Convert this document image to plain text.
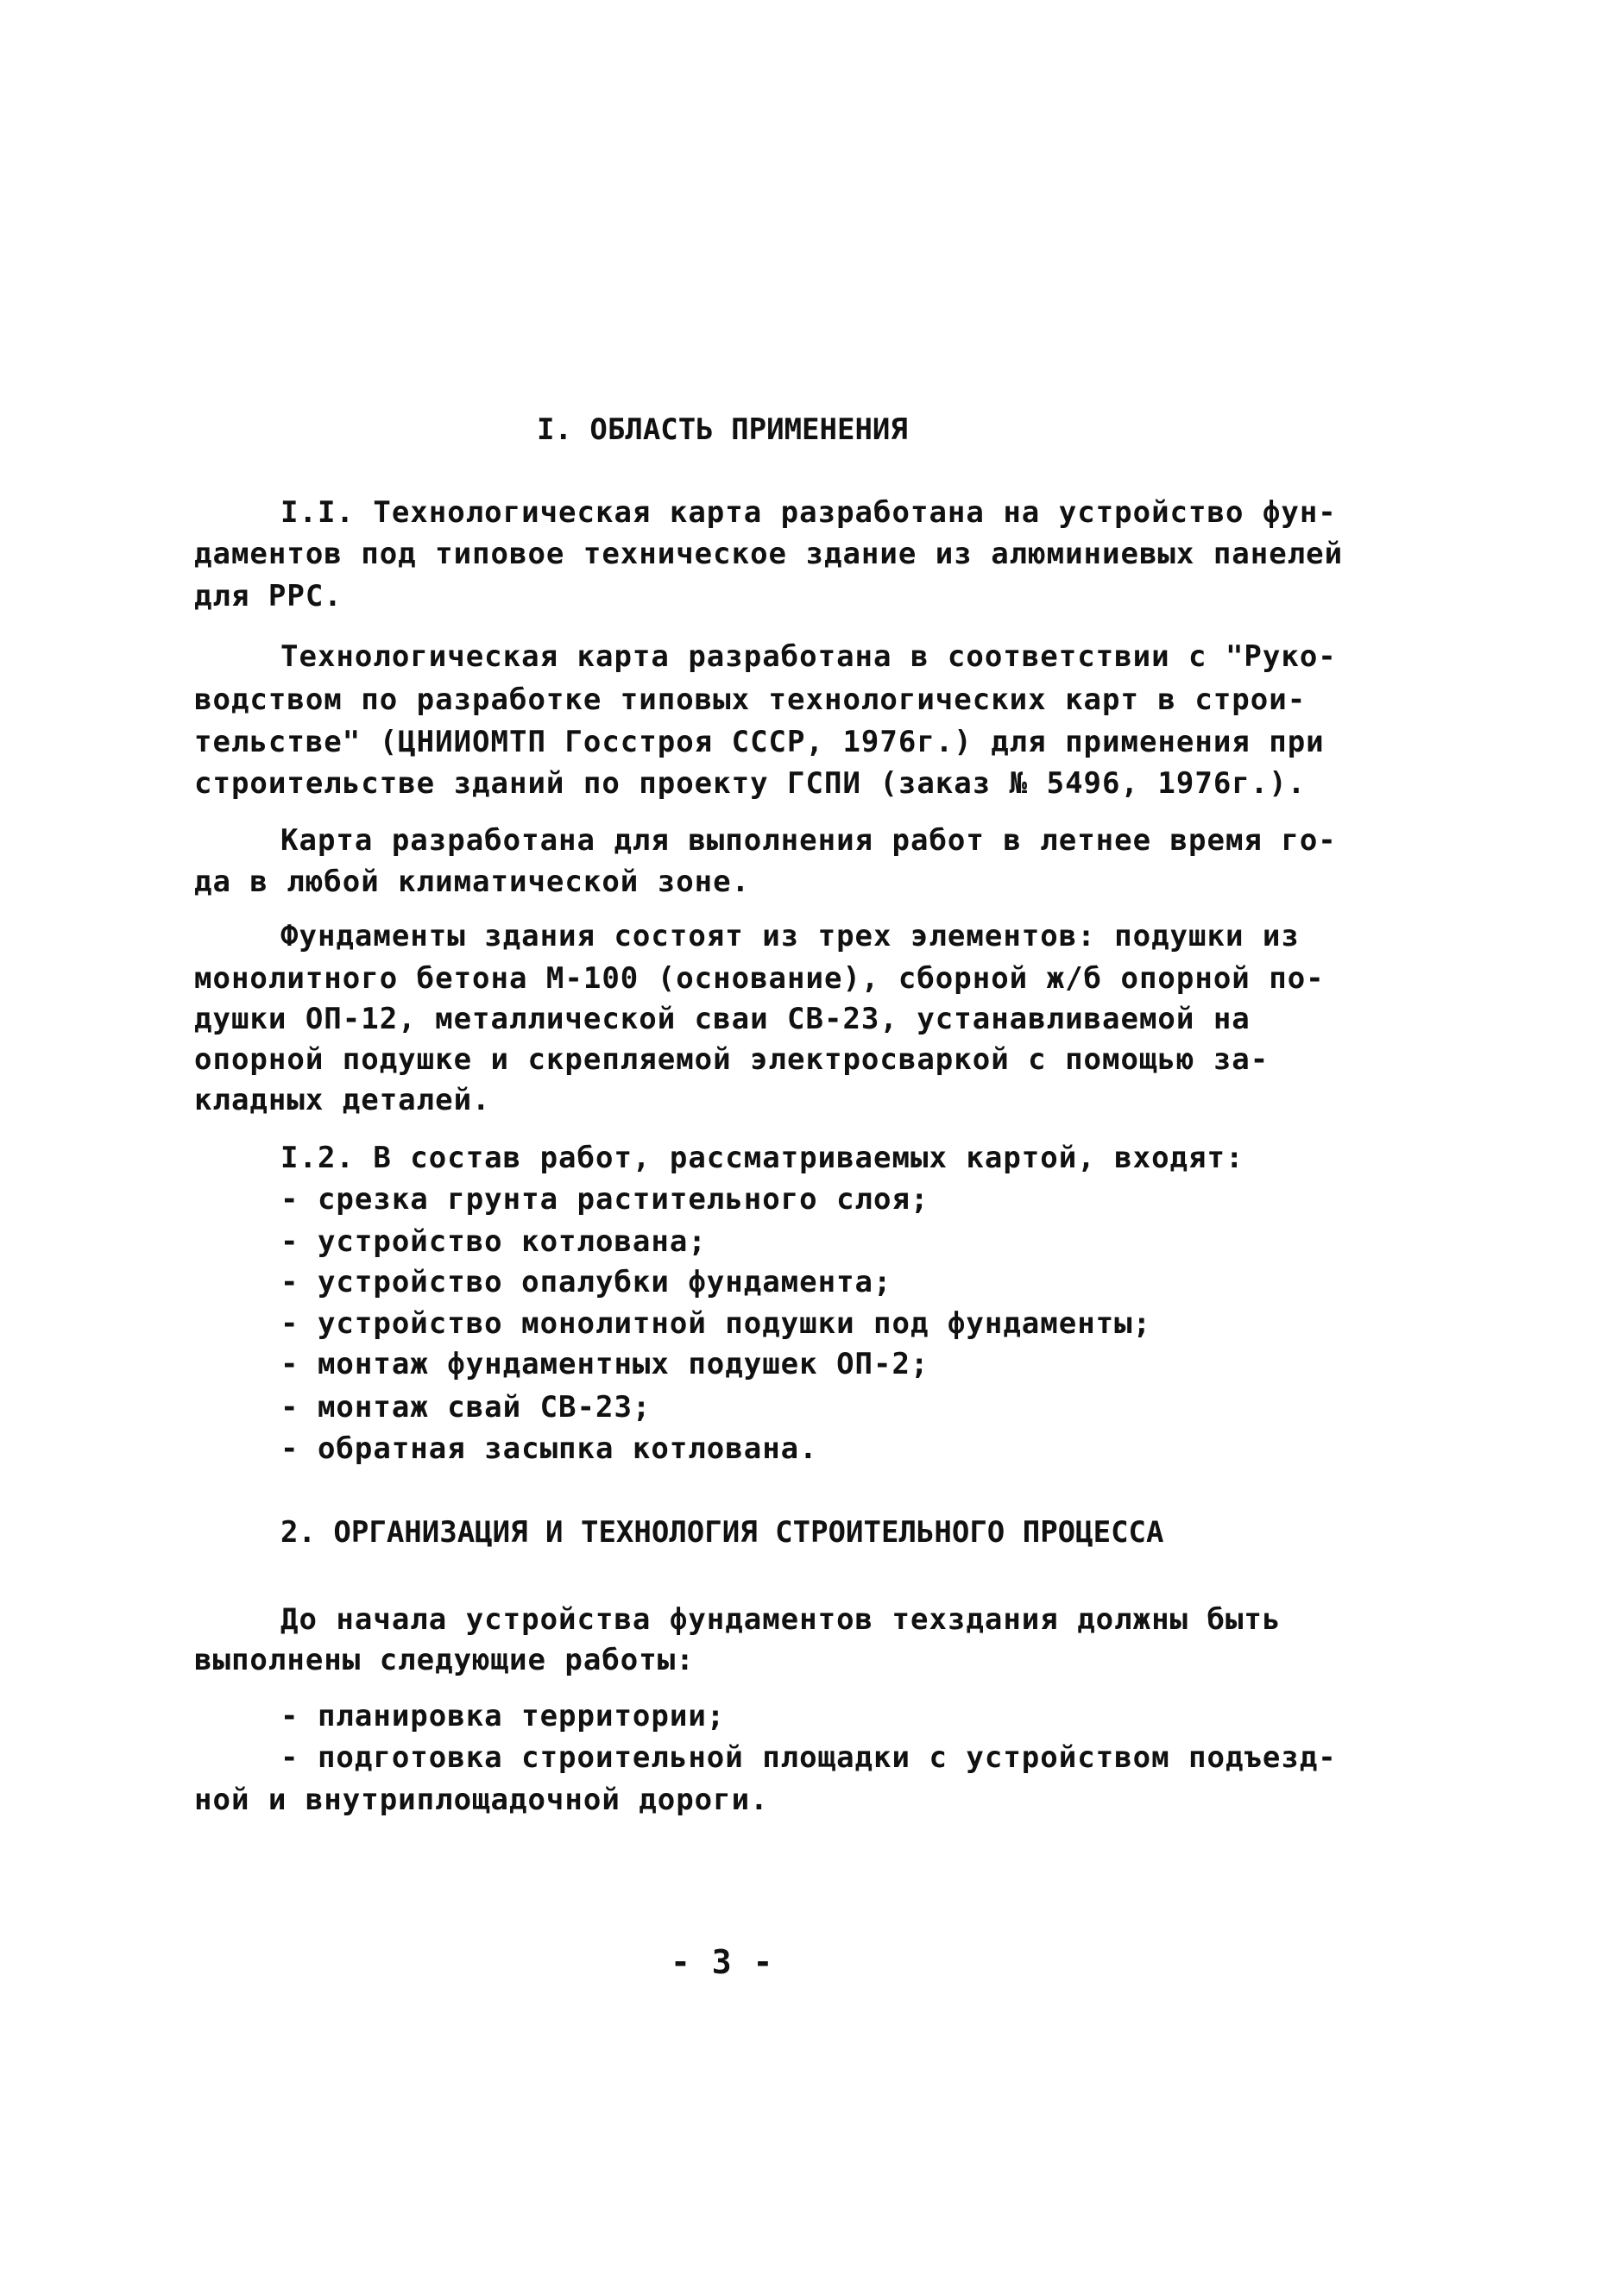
I. ОБЛАСТЬ ПРИМЕНЕНИЯ
I.I. Технологическая карта разработана на устройство фун-
даментов под типовое техническое здание из алюминиевых панелей
для РРС.
Технологическая карта разработана в соответствии с "Руко-
водством по разработке типовых технологических карт в строи-
тельстве" (ЦНИИОМТП Госстроя СССР, 1976г.) для применения при
строительстве зданий по проекту ГСПИ (заказ № 5496, 1976г.).
Карта разработана для выполнения работ в летнее время го-
да в любой климатической зоне.
Фундаменты здания состоят из трех элементов: подушки из
монолитного бетона М-100 (основание), сборной ж/б опорной по-
душки ОП-12, металлической сваи СВ-23, устанавливаемой на
опорной подушке и скрепляемой электросваркой с помощью за-
кладных деталей.
I.2. В состав работ, рассматриваемых картой, входят:
- срезка грунта растительного слоя;
- устройство котлована;
- устройство опалубки фундамента;
- устройство монолитной подушки под фундаменты;
- монтаж фундаментных подушек ОП-2;
- монтаж свай СВ-23;
- обратная засыпка котлована.
2. ОРГАНИЗАЦИЯ И ТЕХНОЛОГИЯ СТРОИТЕЛЬНОГО ПРОЦЕССА
До начала устройства фундаментов техздания должны быть
выполнены следующие работы:
- планировка территории;
- подготовка строительной площадки с устройством подъезд-
ной и внутриплощадочной дороги.
- 3 -
